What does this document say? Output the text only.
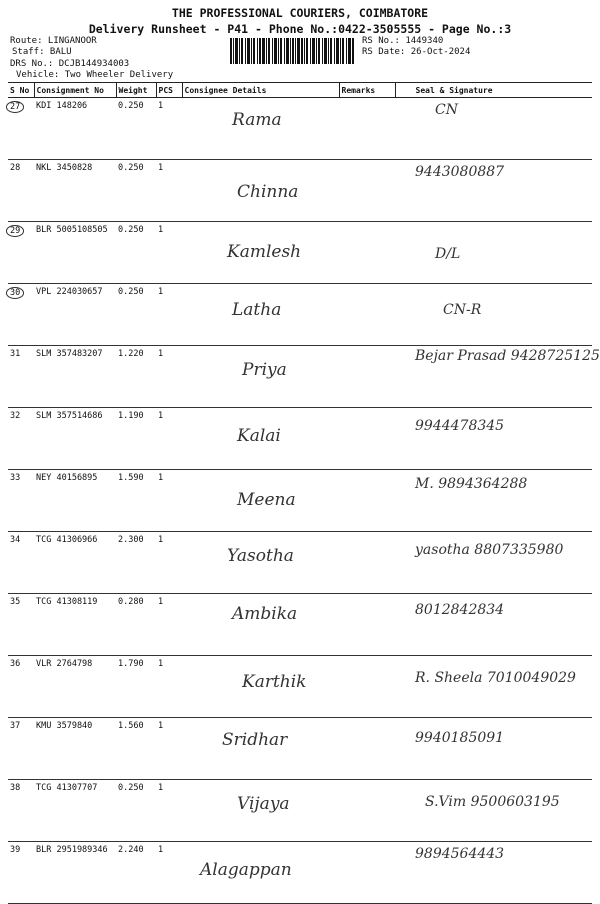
THE PROFESSIONAL COURIERS, COIMBATORE
Delivery Runsheet - P41 - Phone No.:0422-3505555 - Page No.:3
Route: LINGANOOR
Staff: BALU
DRS No.: DCJB144934003
Vehicle: Two Wheeler Delivery
RS No.: 1449340
RS Date: 26-Oct-2024
S No	Consignment No	Weight	PCS	Consignee Details	Remarks	Seal & Signature
27	KDI 148206	0.250	1	Rama		CN

28	NKL 3450828	0.250	1	Chinna		9443080887

29	BLR 5005108505	0.250	1	Kamlesh		D/L

30	VPL 224030657	0.250	1	Latha		CN-R

31	SLM 357483207	1.220	1	Priya		Bejar Prasad 9428725125

32	SLM 357514686	1.190	1	Kalai		9944478345

33	NEY 40156895	1.590	1	Meena		M. 9894364288

34	TCG 41306966	2.300	1	Yasotha		yasotha 8807335980

35	TCG 41308119	0.280	1	Ambika		8012842834

36	VLR 2764798	1.790	1	Karthik		R. Sheela 7010049029

37	KMU 3579840	1.560	1	Sridhar		9940185091

38	TCG 41307707	0.250	1	Vijaya		S.Vim 9500603195

39	BLR 2951989346	2.240	1	Alagappan		9894564443
